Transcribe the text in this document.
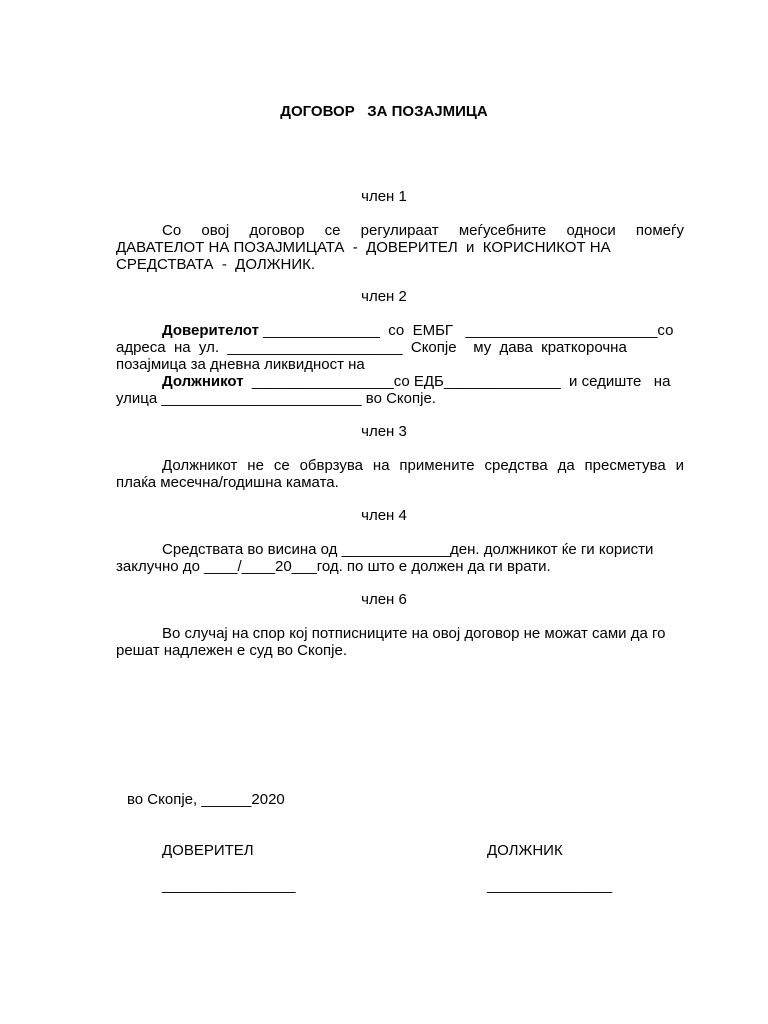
ДОГОВОР   ЗА ПОЗАЈМИЦА
член 1
Со овој договор се регулираат меѓусебните односи помеѓу
ДАВАТЕЛОТ НА ПОЗАЈМИЦАТА  -  ДОВЕРИТЕЛ  и  КОРИСНИКОТ НА
СРЕДСТВАТА  -  ДОЛЖНИК.
член 2
Доверителот ______________  со  ЕМБГ   _______________________со
адреса  на  ул.  _____________________  Скопје    му  дава  краткорочна
позајмица за дневна ликвидност на
Должникот  _________________со ЕДБ______________  и седиште   на
улица ________________________ во Скопје.
член 3
Должникот не се обврзува на примените средства да пресметува и
плаќа месечна/годишна камата.
член 4
Средствата во висина од _____________ден. должникот ќе ги користи
заклучно до ____/____20___год. по што е должен да ги врати.
член 6
Во случај на спор кој потписниците на овој договор не можат сами да го
решат надлежен е суд во Скопје.
во Скопје, ______2020
ДОВЕРИТЕЛ	ДОЛЖНИК
________________	_______________
